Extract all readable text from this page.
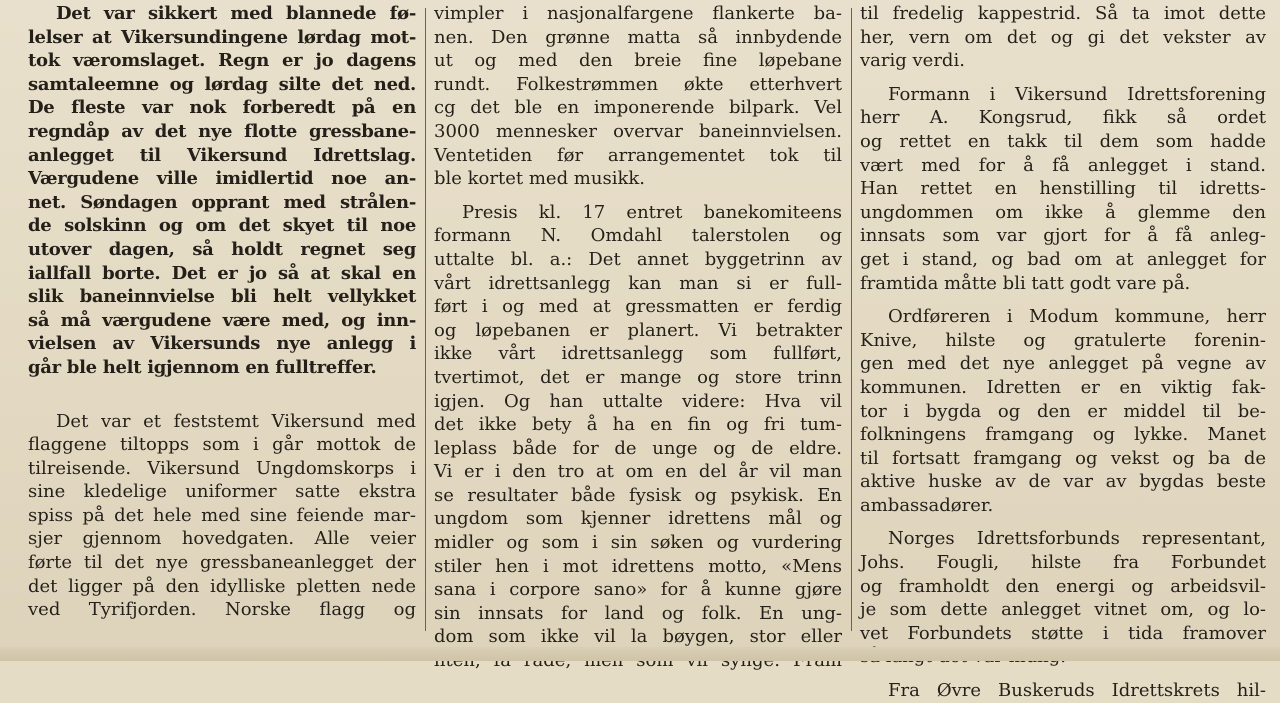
Det var sikkert med blannede fø-

lelser at Vikersundingene lørdag mot-

tok væromslaget. Regn er jo dagens

samtaleemne og lørdag silte det ned.

De fleste var nok forberedt på en

regndåp av det nye flotte gressbane-

anlegget til Vikersund Idrettslag.

Værgudene ville imidlertid noe an-

net. Søndagen opprant med strålen-

de solskinn og om det skyet til noe

utover dagen, så holdt regnet seg

iallfall borte. Det er jo så at skal en

slik baneinnvielse bli helt vellykket

så må værgudene være med, og inn-

vielsen av Vikersunds nye anlegg i

går ble helt igjennom en fulltreffer.

Det var et feststemt Vikersund med

flaggene tiltopps som i går mottok de

tilreisende. Vikersund Ungdomskorps i

sine kledelige uniformer satte ekstra

spiss på det hele med sine feiende mar-

sjer gjennom hovedgaten. Alle veier

førte til det nye gressbaneanlegget der

det ligger på den idylliske pletten nede

ved Tyrifjorden. Norske flagg og

vimpler i nasjonalfargene flankerte ba-

nen. Den grønne matta så innbydende

ut og med den breie fine løpebane

rundt. Folkestrømmen økte etterhvert

cg det ble en imponerende bilpark. Vel

3000 mennesker overvar baneinnvielsen.

Ventetiden før arrangementet tok til

ble kortet med musikk.

Presis kl. 17 entret banekomiteens

formann N. Omdahl talerstolen og

uttalte bl. a.: Det annet byggetrinn av

vårt idrettsanlegg kan man si er full-

ført i og med at gressmatten er ferdig

og løpebanen er planert. Vi betrakter

ikke vårt idrettsanlegg som fullført,

tvertimot, det er mange og store trinn

igjen. Og han uttalte videre: Hva vil

det ikke bety å ha en fin og fri tum-

leplass både for de unge og de eldre.

Vi er i den tro at om en del år vil man

se resultater både fysisk og psykisk. En

ungdom som kjenner idrettens mål og

midler og som i sin søken og vurdering

stiler hen i mot idrettens motto, «Mens

sana i corpore sano» for å kunne gjøre

sin innsats for land og folk. En ung-

dom som ikke vil la bøygen, stor eller

til fredelig kappestrid. Så ta imot dette

her, vern om det og gi det vekster av

varig verdi.

Formann i Vikersund Idrettsforening

herr A. Kongsrud, fikk så ordet

og rettet en takk til dem som hadde

vært med for å få anlegget i stand.

Han rettet en henstilling til idretts-

ungdommen om ikke å glemme den

innsats som var gjort for å få anleg-

get i stand, og bad om at anlegget for

framtida måtte bli tatt godt vare på.

Ordføreren i Modum kommune, herr

Knive, hilste og gratulerte forenin-

gen med det nye anlegget på vegne av

kommunen. Idretten er en viktig fak-

tor i bygda og den er middel til be-

folkningens framgang og lykke. Manet

til fortsatt framgang og vekst og ba de

aktive huske av de var av bygdas beste

ambassadører.

Norges Idrettsforbunds representant,

Johs. Fougli, hilste fra Forbundet

og framholdt den energi og arbeidsvil-

je som dette anlegget vitnet om, og lo-

vet Forbundets støtte i tida framover

Fra Øvre Buskeruds Idrettskrets hil-
